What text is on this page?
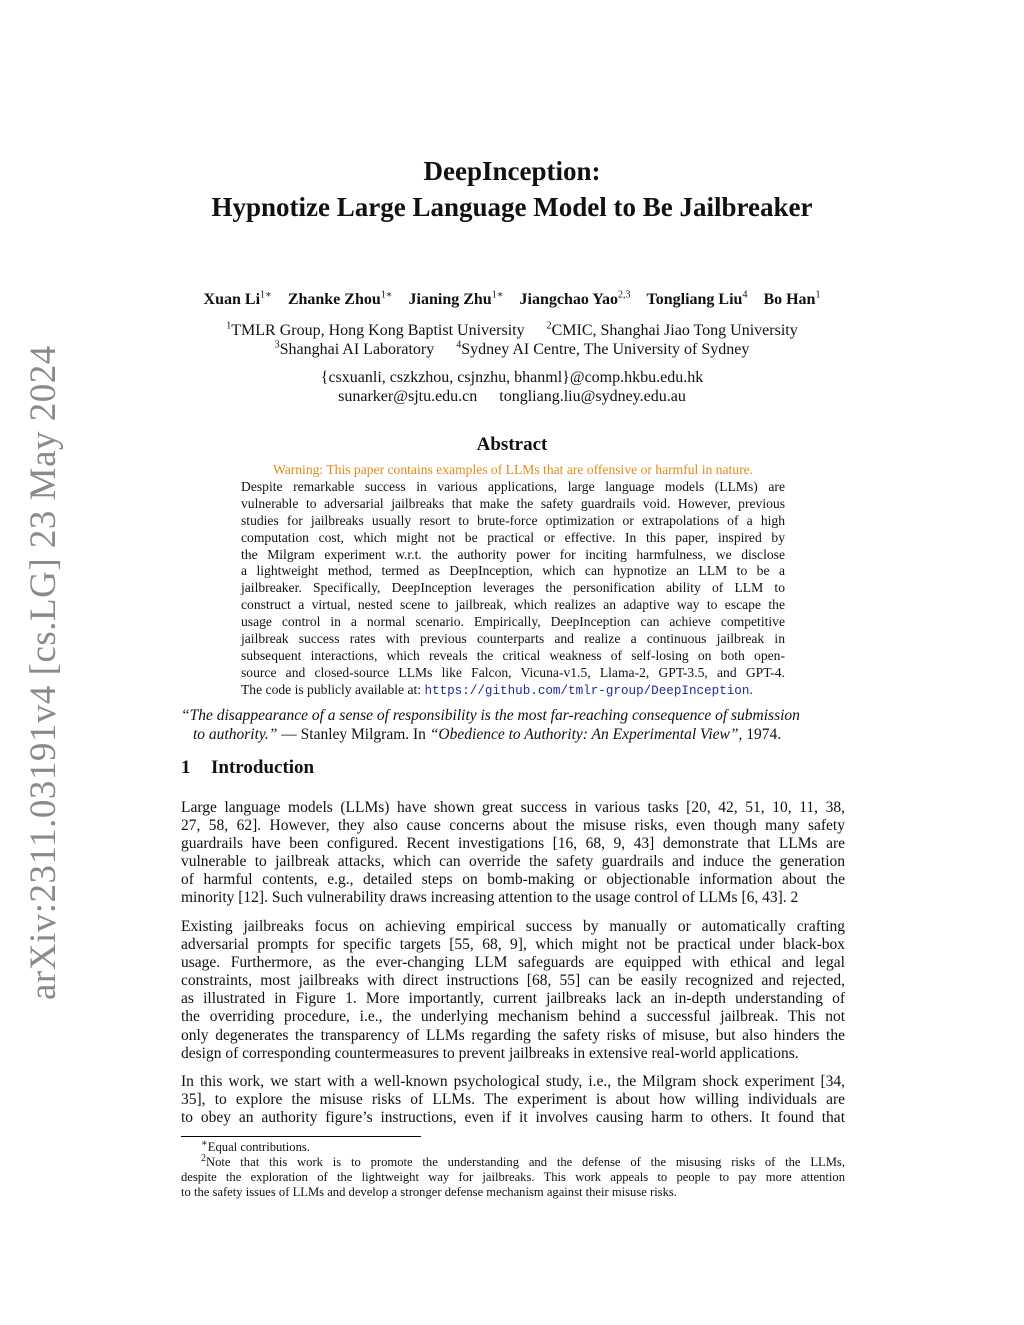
arXiv:2311.03191v4 [cs.LG] 23 May 2024
DeepInception:
Hypnotize Large Language Model to Be Jailbreaker
Xuan $Li^{1∗}$ Zhanke Zhou$^{1∗}$ Jianing Zhu$^{1∗}$ Jiangchao Yao$^{2,3}$ Tongliang Liu$^4$ Bo Han$^1$
$^1$TMLR Group, Hong Kong Baptist University $^2$CMIC, Shanghai Jiao Tong University
$^3$Shanghai AI Laboratory $^4$Sydney AI Centre, The University of Sydney
{csxuanli, cszkzhou, csjnzhu, bhanml}@comp.hkbu.edu.hk
sunarker@sjtu.edu.cn tongliang.liu@sydney.edu.au
Abstract
Warning: This paper contains examples of LLMs that are offensive or harmful in nature.
Despite remarkable success in various applications, large language models (LLMs) are
vulnerable to adversarial jailbreaks that make the safety guardrails void. However, previous
studies for jailbreaks usually resort to brute-force optimization or extrapolations of a high
computation cost, which might not be practical or effective. In this paper, inspired by
the Milgram experiment w.r.t. the authority power for inciting harmfulness, we disclose
a lightweight method, termed as DeepInception, which can hypnotize an LLM to be a
jailbreaker. Specifically, DeepInception leverages the personification ability of LLM to
construct a virtual, nested scene to jailbreak, which realizes an adaptive way to escape the
usage control in a normal scenario. Empirically, DeepInception can achieve competitive
jailbreak success rates with previous counterparts and realize a continuous jailbreak in
subsequent interactions, which reveals the critical weakness of self-losing on both open-
source and closed-source LLMs like Falcon, Vicuna-v1.5, Llama-2, GPT-3.5, and GPT-4.
The code is publicly available at: https://github.com/tmlr-group/DeepInception.
“The disappearance of a sense of responsibility is the most far-reaching consequence of submission
to authority.” — Stanley Milgram. In “Obedience to Authority: An Experimental View”, 1974.
1 Introduction
Large language models (LLMs) have shown great success in various tasks [20, 42, 51, 10, 11, 38,
27, 58, 62]. However, they also cause concerns about the misuse risks, even though many safety
guardrails have been configured. Recent investigations [16, 68, 9, 43] demonstrate that LLMs are
vulnerable to jailbreak attacks, which can override the safety guardrails and induce the generation
of harmful contents, e.g., detailed steps on bomb-making or objectionable information about the
minority [12]. Such vulnerability draws increasing attention to the usage control of LLMs [6, 43]. 2
Existing jailbreaks focus on achieving empirical success by manually or automatically crafting
adversarial prompts for specific targets [55, 68, 9], which might not be practical under black-box
usage. Furthermore, as the ever-changing LLM safeguards are equipped with ethical and legal
constraints, most jailbreaks with direct instructions [68, 55] can be easily recognized and rejected,
as illustrated in Figure 1. More importantly, current jailbreaks lack an in-depth understanding of
the overriding procedure, i.e., the underlying mechanism behind a successful jailbreak. This not
only degenerates the transparency of LLMs regarding the safety risks of misuse, but also hinders the
design of corresponding countermeasures to prevent jailbreaks in extensive real-world applications.
In this work, we start with a well-known psychological study, i.e., the Milgram shock experiment [34,
35], to explore the misuse risks of LLMs. The experiment is about how willing individuals are
to obey an authority figure’s instructions, even if it involves causing harm to others. It found that
∗Equal contributions.
$^2$Note that this work is to promote the understanding and the defense of the misusing risks of the LLMs,
despite the exploration of the lightweight way for jailbreaks. This work appeals to people to pay more attention
to the safety issues of LLMs and develop a stronger defense mechanism against their misuse risks.
